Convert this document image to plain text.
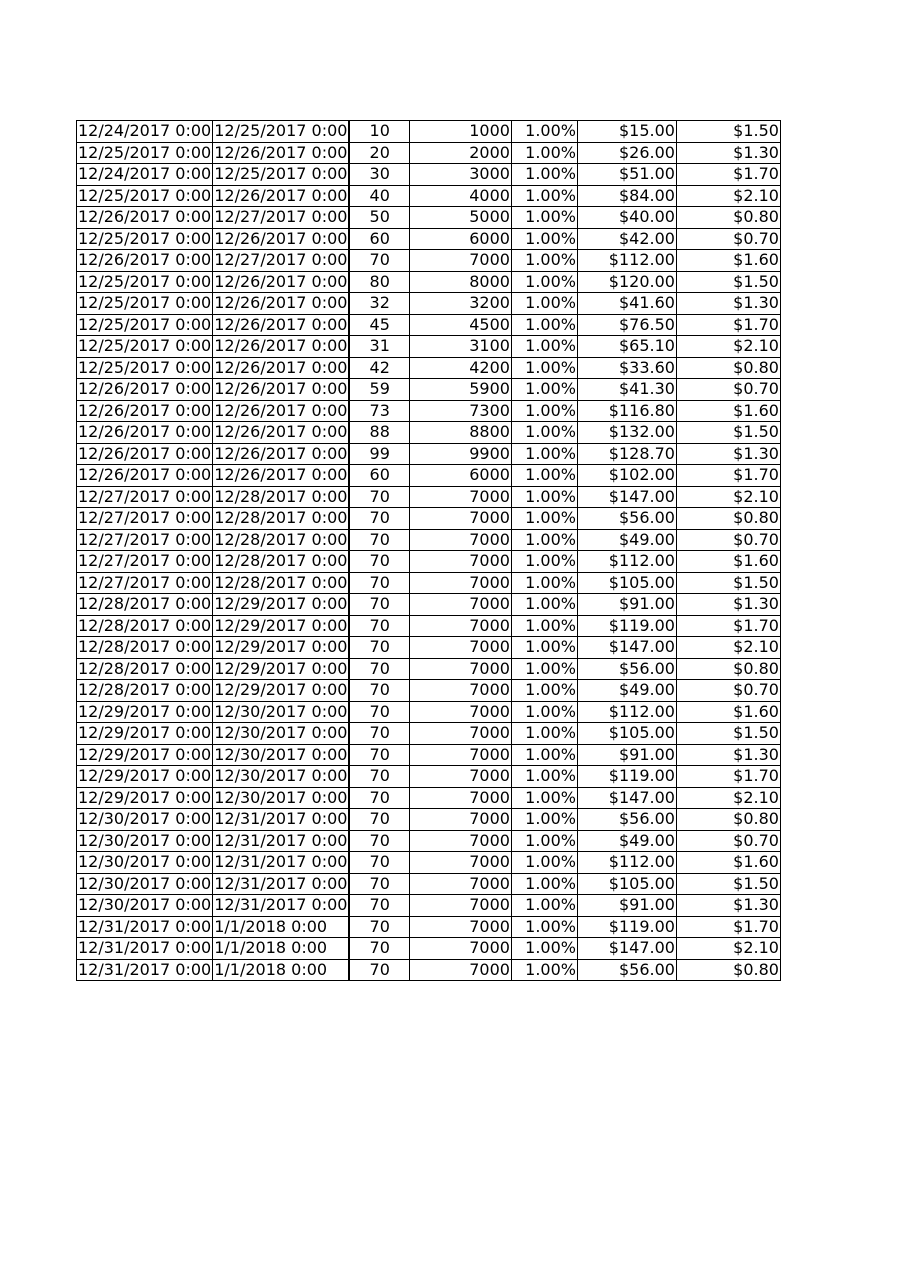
12/24/2017 0:00	12/25/2017 0:00	10	1000	1.00%	$15.00	$1.50
12/25/2017 0:00	12/26/2017 0:00	20	2000	1.00%	$26.00	$1.30
12/24/2017 0:00	12/25/2017 0:00	30	3000	1.00%	$51.00	$1.70
12/25/2017 0:00	12/26/2017 0:00	40	4000	1.00%	$84.00	$2.10
12/26/2017 0:00	12/27/2017 0:00	50	5000	1.00%	$40.00	$0.80
12/25/2017 0:00	12/26/2017 0:00	60	6000	1.00%	$42.00	$0.70
12/26/2017 0:00	12/27/2017 0:00	70	7000	1.00%	$112.00	$1.60
12/25/2017 0:00	12/26/2017 0:00	80	8000	1.00%	$120.00	$1.50
12/25/2017 0:00	12/26/2017 0:00	32	3200	1.00%	$41.60	$1.30
12/25/2017 0:00	12/26/2017 0:00	45	4500	1.00%	$76.50	$1.70
12/25/2017 0:00	12/26/2017 0:00	31	3100	1.00%	$65.10	$2.10
12/25/2017 0:00	12/26/2017 0:00	42	4200	1.00%	$33.60	$0.80
12/26/2017 0:00	12/26/2017 0:00	59	5900	1.00%	$41.30	$0.70
12/26/2017 0:00	12/26/2017 0:00	73	7300	1.00%	$116.80	$1.60
12/26/2017 0:00	12/26/2017 0:00	88	8800	1.00%	$132.00	$1.50
12/26/2017 0:00	12/26/2017 0:00	99	9900	1.00%	$128.70	$1.30
12/26/2017 0:00	12/26/2017 0:00	60	6000	1.00%	$102.00	$1.70
12/27/2017 0:00	12/28/2017 0:00	70	7000	1.00%	$147.00	$2.10
12/27/2017 0:00	12/28/2017 0:00	70	7000	1.00%	$56.00	$0.80
12/27/2017 0:00	12/28/2017 0:00	70	7000	1.00%	$49.00	$0.70
12/27/2017 0:00	12/28/2017 0:00	70	7000	1.00%	$112.00	$1.60
12/27/2017 0:00	12/28/2017 0:00	70	7000	1.00%	$105.00	$1.50
12/28/2017 0:00	12/29/2017 0:00	70	7000	1.00%	$91.00	$1.30
12/28/2017 0:00	12/29/2017 0:00	70	7000	1.00%	$119.00	$1.70
12/28/2017 0:00	12/29/2017 0:00	70	7000	1.00%	$147.00	$2.10
12/28/2017 0:00	12/29/2017 0:00	70	7000	1.00%	$56.00	$0.80
12/28/2017 0:00	12/29/2017 0:00	70	7000	1.00%	$49.00	$0.70
12/29/2017 0:00	12/30/2017 0:00	70	7000	1.00%	$112.00	$1.60
12/29/2017 0:00	12/30/2017 0:00	70	7000	1.00%	$105.00	$1.50
12/29/2017 0:00	12/30/2017 0:00	70	7000	1.00%	$91.00	$1.30
12/29/2017 0:00	12/30/2017 0:00	70	7000	1.00%	$119.00	$1.70
12/29/2017 0:00	12/30/2017 0:00	70	7000	1.00%	$147.00	$2.10
12/30/2017 0:00	12/31/2017 0:00	70	7000	1.00%	$56.00	$0.80
12/30/2017 0:00	12/31/2017 0:00	70	7000	1.00%	$49.00	$0.70
12/30/2017 0:00	12/31/2017 0:00	70	7000	1.00%	$112.00	$1.60
12/30/2017 0:00	12/31/2017 0:00	70	7000	1.00%	$105.00	$1.50
12/30/2017 0:00	12/31/2017 0:00	70	7000	1.00%	$91.00	$1.30
12/31/2017 0:00	1/1/2018 0:00	70	7000	1.00%	$119.00	$1.70
12/31/2017 0:00	1/1/2018 0:00	70	7000	1.00%	$147.00	$2.10
12/31/2017 0:00	1/1/2018 0:00	70	7000	1.00%	$56.00	$0.80
